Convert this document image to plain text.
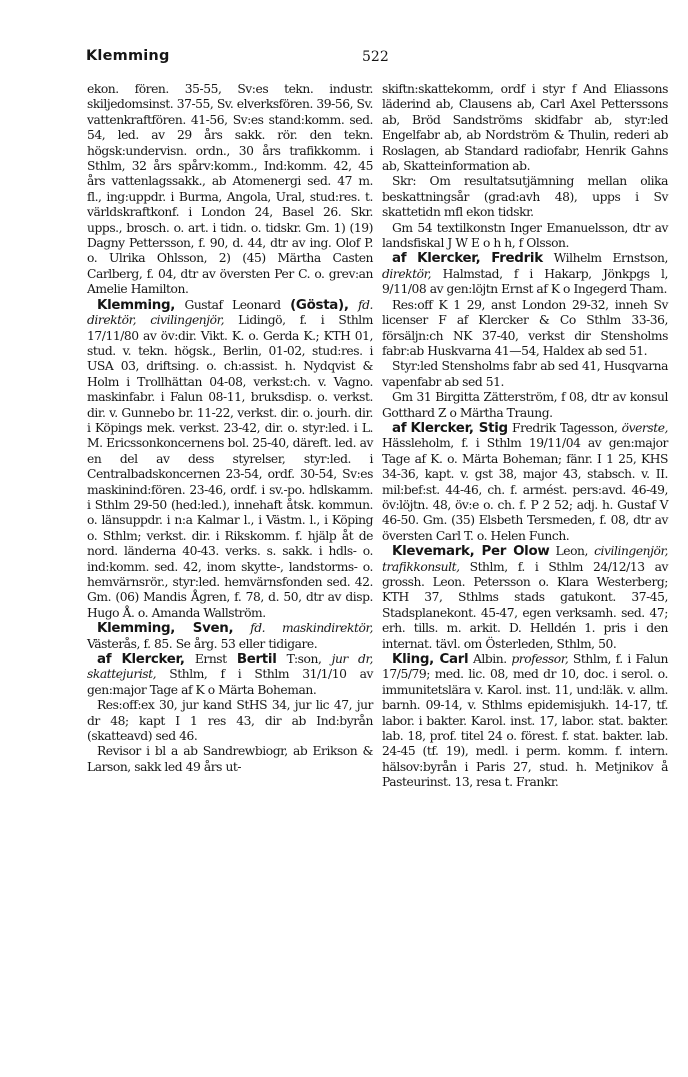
Klemming	522

ekon. fören. 35-55, Sv:es tekn. industr. skiljedomsinst. 37-55, Sv. elverksfören. 39-56, Sv. vattenkraftfören. 41-56, Sv:es stand:komm. sed. 54, led. av 29 års sakk. rör. den tekn. högsk:undervisn. ordn., 30 års trafikkomm. i Sthlm, 32 års spårv:komm., Ind:komm. 42, 45 års vattenlagssakk., ab Atomenergi sed. 47 m. fl., ing:uppdr. i Burma, Angola, Ural, stud:res. t. världskraftkonf. i London 24, Basel 26. Skr. upps., brosch. o. art. i tidn. o. tidskr. Gm. 1) (19) Dagny Pettersson, f. 90, d. 44, dtr av ing. Olof P. o. Ulrika Ohlsson, 2) (45) Märtha Casten Carlberg, f. 04, dtr av översten Per C. o. grev:an Amelie Hamilton.

Klemming, Gustaf Leonard (Gösta), fd. direktör, civilingenjör, Lidingö, f. i Sthlm 17/11/80 av öv:dir. Vikt. K. o. Gerda K.; KTH 01, stud. v. tekn. högsk., Berlin, 01-02, stud:res. i USA 03, driftsing. o. ch:assist. h. Nydqvist & Holm i Trollhättan 04-08, verkst:ch. v. Vagno. maskinfabr. i Falun 08-11, bruksdisp. o. verkst. dir. v. Gunnebo br. 11-22, verkst. dir. o. jourh. dir. i Köpings mek. verkst. 23-42, dir. o. styr:led. i L. M. Ericssonkoncernens bol. 25-40, däreft. led. av en del av dess styrelser, styr:led. i Centralbadskoncernen 23-54, ordf. 30-54, Sv:es maskinind:fören. 23-46, ordf. i sv.-po. hdlskamm. i Sthlm 29-50 (hed:led.), innehaft åtsk. kommun. o. länsuppdr. i n:a Kalmar l., i Västm. l., i Köping o. Sthlm; verkst. dir. i Rikskomm. f. hjälp åt de nord. länderna 40-43. verks. s. sakk. i hdls- o. ind:komm. sed. 42, inom skytte-, landstorms- o. hemvärnsrör., styr:led. hemvärnsfonden sed. 42. Gm. (06) Mandis Ågren, f. 78, d. 50, dtr av disp. Hugo Å. o. Amanda Wallström.

Klemming, Sven, fd. maskindirektör, Västerås, f. 85. Se årg. 53 eller tidigare.

af Klercker, Ernst Bertil T:son, jur dr, skattejurist, Sthlm, f i Sthlm 31/1/10 av gen:major Tage af K o Märta Boheman.

Res:off:ex 30, jur kand StHS 34, jur lic 47, jur dr 48; kapt I 1 res 43, dir ab Ind:byrån (skatteavd) sed 46.

Revisor i bl a ab Sandrewbiogr, ab Erikson & Larson, sakk led 49 års ut-

skiftn:skattekomm, ordf i styr f And Eliassons läderind ab, Clausens ab, Carl Axel Petterssons ab, Bröd Sandströms skidfabr ab, styr:led Engelfabr ab, ab Nordström & Thulin, rederi ab Roslagen, ab Standard radiofabr, Henrik Gahns ab, Skatteinformation ab.

Skr: Om resultatsutjämning mellan olika beskattningsår (grad:avh 48), upps i Sv skattetidn mfl ekon tidskr.

Gm 54 textilkonstn Inger Emanuelsson, dtr av landsfiskal J W E o h h, f Olsson.

af Klercker, Fredrik Wilhelm Ernstson, direktör, Halmstad, f i Hakarp, Jönkpgs l, 9/11/08 av gen:löjtn Ernst af K o Ingegerd Tham.

Res:off K 1 29, anst London 29-32, inneh Sv licenser F af Klercker & Co Sthlm 33-36, försäljn:ch NK 37-40, verkst dir Stensholms fabr:ab Huskvarna 41—54, Haldex ab sed 51.

Styr:led Stensholms fabr ab sed 41, Husqvarna vapenfabr ab sed 51.

Gm 31 Birgitta Zätterström, f 08, dtr av konsul Gotthard Z o Märtha Traung.

af Klercker, Stig Fredrik Tagesson, överste, Hässleholm, f. i Sthlm 19/11/04 av gen:major Tage af K. o. Märta Boheman; fänr. I 1 25, KHS 34-36, kapt. v. gst 38, major 43, stabsch. v. II. mil:bef:st. 44-46, ch. f. armést. pers:avd. 46-49, öv:löjtn. 48, öv:e o. ch. f. P 2 52; adj. h. Gustaf V 46-50. Gm. (35) Elsbeth Tersmeden, f. 08, dtr av översten Carl T. o. Helen Funch.

Klevemark, Per Olow Leon, civilingenjör, trafikkonsult, Sthlm, f. i Sthlm 24/12/13 av grossh. Leon. Petersson o. Klara Westerberg; KTH 37, Sthlms stads gatukont. 37-45, Stadsplanekont. 45-47, egen verksamh. sed. 47; erh. tills. m. arkit. D. Helldén 1. pris i den internat. tävl. om Österleden, Sthlm, 50.

Kling, Carl Albin. professor, Sthlm, f. i Falun 17/5/79; med. lic. 08, med dr 10, doc. i serol. o. immunitetslära v. Karol. inst. 11, und:läk. v. allm. barnh. 09-14, v. Sthlms epidemisjukh. 14-17, tf. labor. i bakter. Karol. inst. 17, labor. stat. bakter. lab. 18, prof. titel 24 o. förest. f. stat. bakter. lab. 24-45 (tf. 19), medl. i perm. komm. f. intern. hälsov:byrån i Paris 27, stud. h. Metjnikov å Pasteurinst. 13, resa t. Frankr.
